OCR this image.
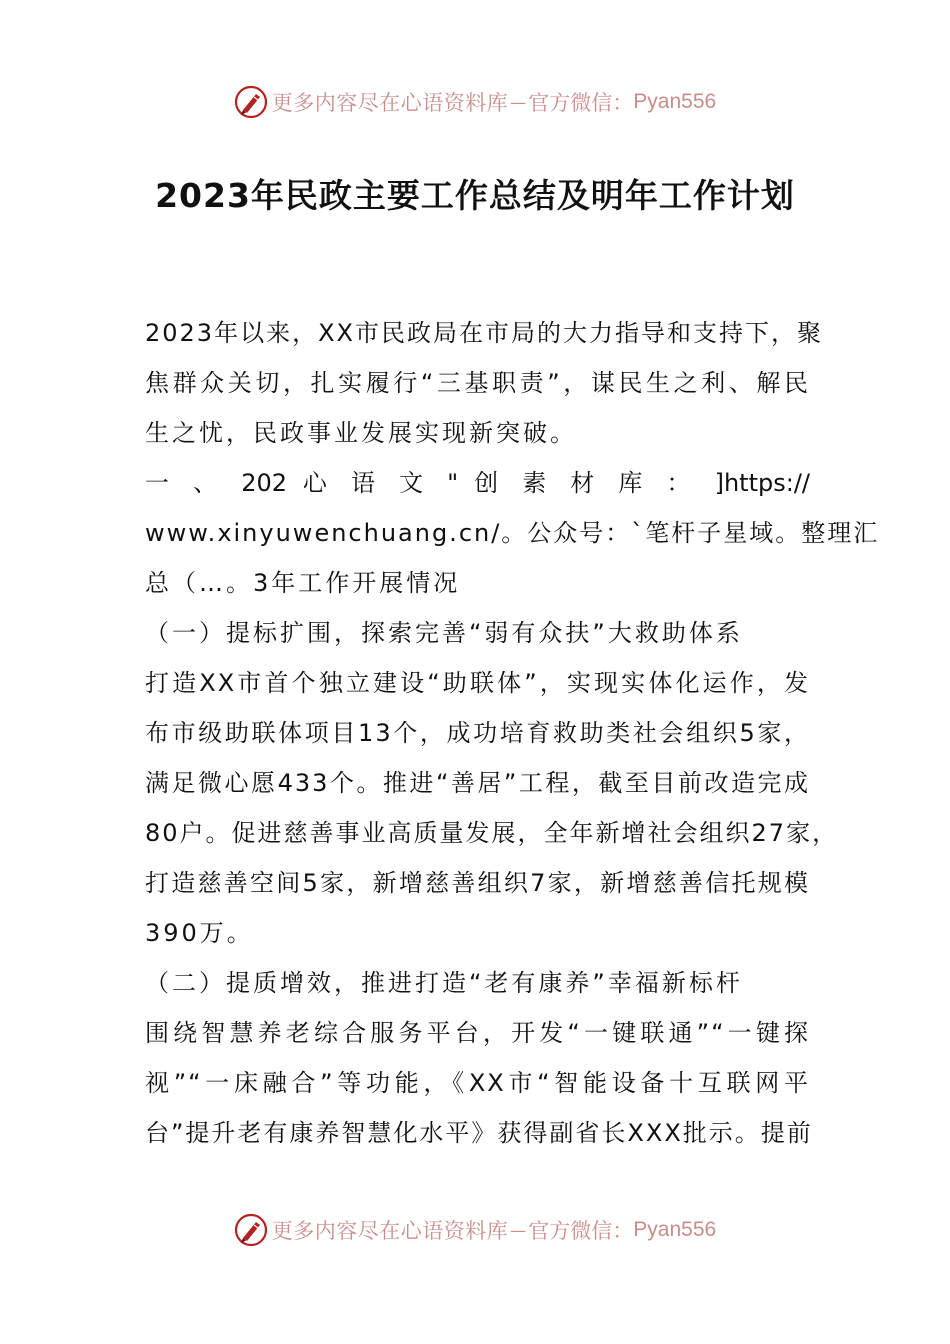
更多内容尽在心语资料库 — 官方微信： Pyan556
2023年民政主要工作总结及明年工作计划
2023年以来，XX市民政局在市局的大力指导和支持下，聚
焦群众关切，扎实履行“三基职责”，谋民生之利、解民
生之忧，民政事业发展实现新突破。
一 、 202 心 语 文 " 创 素 材 库 ： ]https://
www.xinyuwenchuang.cn/。公众号：`笔杆子星域。整理汇
总（…。3年工作开展情况
（一）提标扩围，探索完善“弱有众扶”大救助体系
打造XX市首个独立建设“助联体”，实现实体化运作，发
布市级助联体项目13个，成功培育救助类社会组织5家，
满足微心愿433个。推进“善居”工程，截至目前改造完成
80户。促进慈善事业高质量发展，全年新增社会组织27家，
打造慈善空间5家，新增慈善组织7家，新增慈善信托规模
390万。
（二）提质增效，推进打造“老有康养”幸福新标杆
围绕智慧养老综合服务平台，开发“一键联通”“一键探
视”“一床融合”等功能，《XX市“智能设备十互联网平
台”提升老有康养智慧化水平》获得副省长XXX批示。提前
更多内容尽在心语资料库 — 官方微信： Pyan556
